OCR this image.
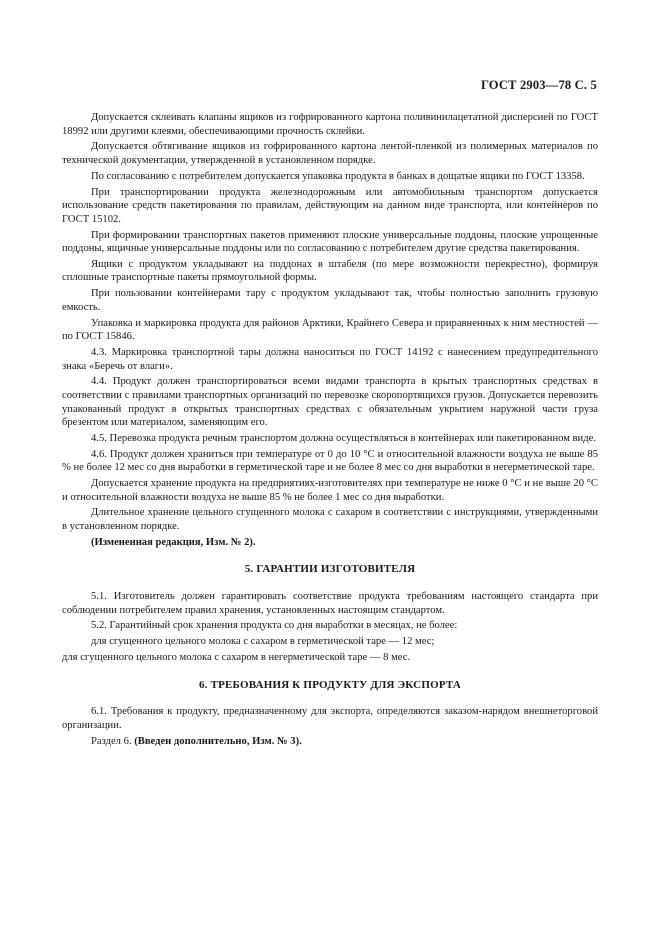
ГОСТ 2903—78 С. 5

Допускается склеивать клапаны ящиков из гофрированного картона поливинилацетатной дисперсией по ГОСТ 18992 или другими клеями, обеспечивающими прочность склейки.

Допускается обтягивание ящиков из гофрированного картона лентой-пленкой из полимерных материалов по технической документации, утвержденной в установленном порядке.

По согласованию с потребителем допускается упаковка продукта в банках в дощатые ящики по ГОСТ 13358.

При транспортировании продукта железнодорожным или автомобильным транспортом допускается использование средств пакетирования по правилам, действующим на данном виде транспорта, или контейнеров по ГОСТ 15102.

При формировании транспортных пакетов применяют плоские универсальные поддоны, плоские упрощенные поддоны, ящичные универсальные поддоны или по согласованию с потребителем другие средства пакетирования.

Ящики с продуктом укладывают на поддонах в штабеля (по мере возможности перекрестно), формируя сплошные транспортные пакеты прямоугольной формы.

При пользовании контейнерами тару с продуктом укладывают так, чтобы полностью заполнить грузовую емкость.

Упаковка и маркировка продукта для районов Арктики, Крайнего Севера и приравненных к ним местностей — по ГОСТ 15846.

4.3. Маркировка транспортной тары должна наноситься по ГОСТ 14192 с нанесением предупредительного знака «Беречь от влаги».

4.4. Продукт должен транспортироваться всеми видами транспорта в крытых транспортных средствах в соответствии с правилами транспортных организаций по перевозке скоропортящихся грузов. Допускается перевозить упакованный продукт в открытых транспортных средствах с обязательным укрытием наружной части груза брезентом или материалом, заменяющим его.

4.5. Перевозка продукта речным транспортом должна осуществляться в контейнерах или пакетированном виде.

4.6. Продукт должен храниться при температуре от 0 до 10 °С и относительной влажности воздуха не выше 85 % не более 12 мес со дня выработки в герметической таре и не более 8 мес со дня выработки в негерметической таре.

Допускается хранение продукта на предприятиях-изготовителях при температуре не ниже 0 °С и не выше 20 °С и относительной влажности воздуха не выше 85 % не более 1 мес со дня выработки.

Длительное хранение цельного сгущенного молока с сахаром в соответствии с инструкциями, утвержденными в установленном порядке.

(Измененная редакция, Изм. № 2).

5. ГАРАНТИИ ИЗГОТОВИТЕЛЯ

5.1. Изготовитель должен гарантировать соответствие продукта требованиям настоящего стандарта при соблюдении потребителем правил хранения, установленных настоящим стандартом.

5.2. Гарантийный срок хранения продукта со дня выработки в месяцах, не более:

для сгущенного цельного молока с сахаром в герметической таре — 12 мес;

для сгущенного цельного молока с сахаром в негерметической таре — 8 мес.

6. ТРЕБОВАНИЯ К ПРОДУКТУ ДЛЯ ЭКСПОРТА

6.1. Требования к продукту, предназначенному для экспорта, определяются заказом-нарядом внешнеторговой организации.

Раздел 6. (Введен дополнительно, Изм. № 3).
